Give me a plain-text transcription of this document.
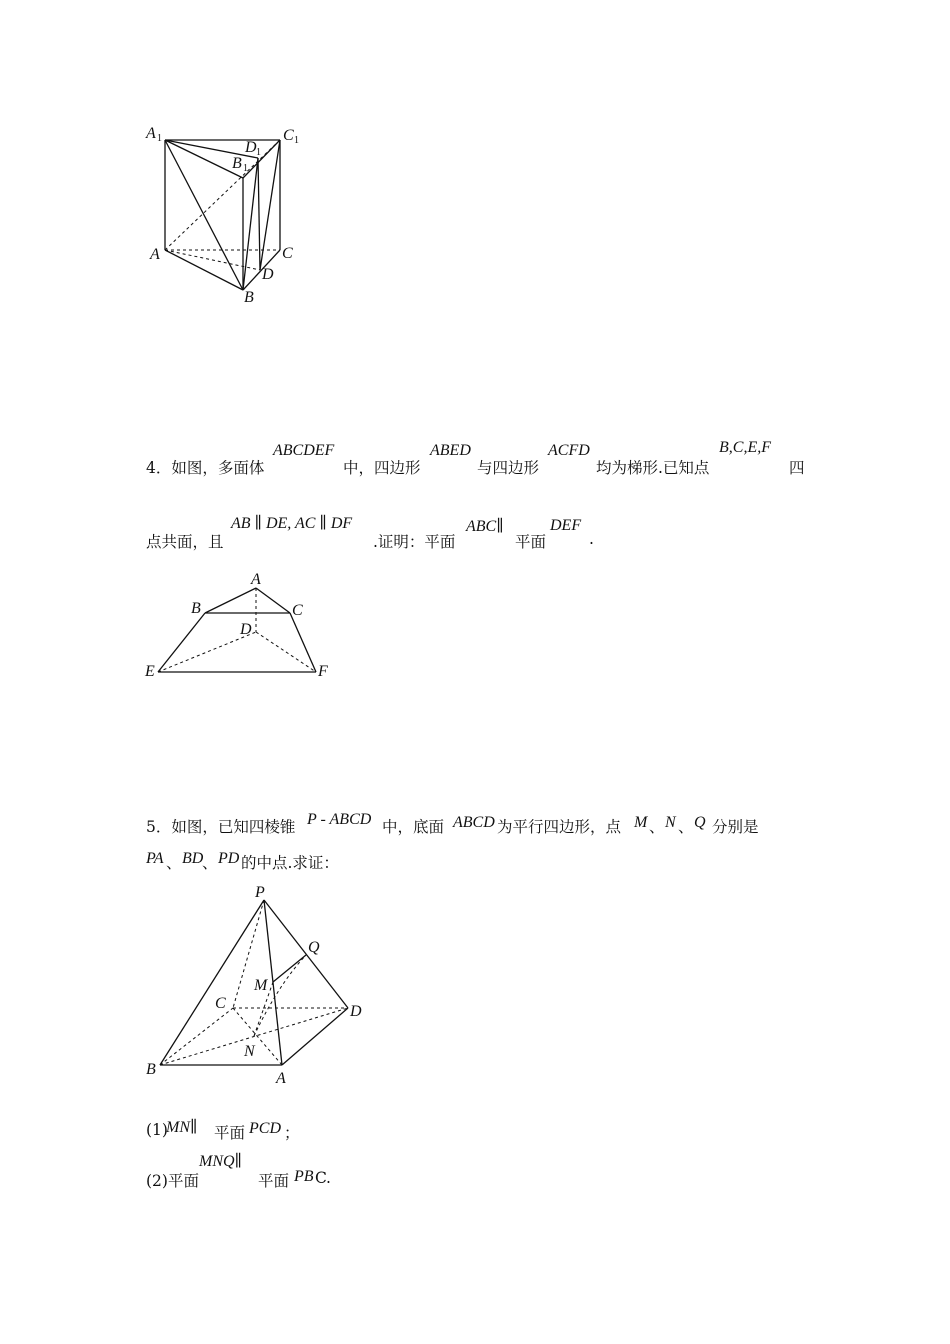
A 1	C 1
D 1
B 1
A
B
C
D
4．如图，多面体
ABCDEF
中，四边形
ABED
与四边形
ACFD
均为梯形.已知点
B,C,E,F
四
点共面，且
AB ∥ DE, AC ∥ DF
.证明：平面
ABC∥
平面
DEF
.
A
B	C
D
E	F
5．如图，已知四棱锥 P - ABCD 中，底面 ABCD 为平行四边形，点 M 、 N 、 Q 分别是
PA 、 BD
、 PD 的中点.求证：
P
Q
M
C	D
N
B
A
(1)
MN∥ 平面 PCD ；
(2)平面
MNQ∥
平面 PB C .
